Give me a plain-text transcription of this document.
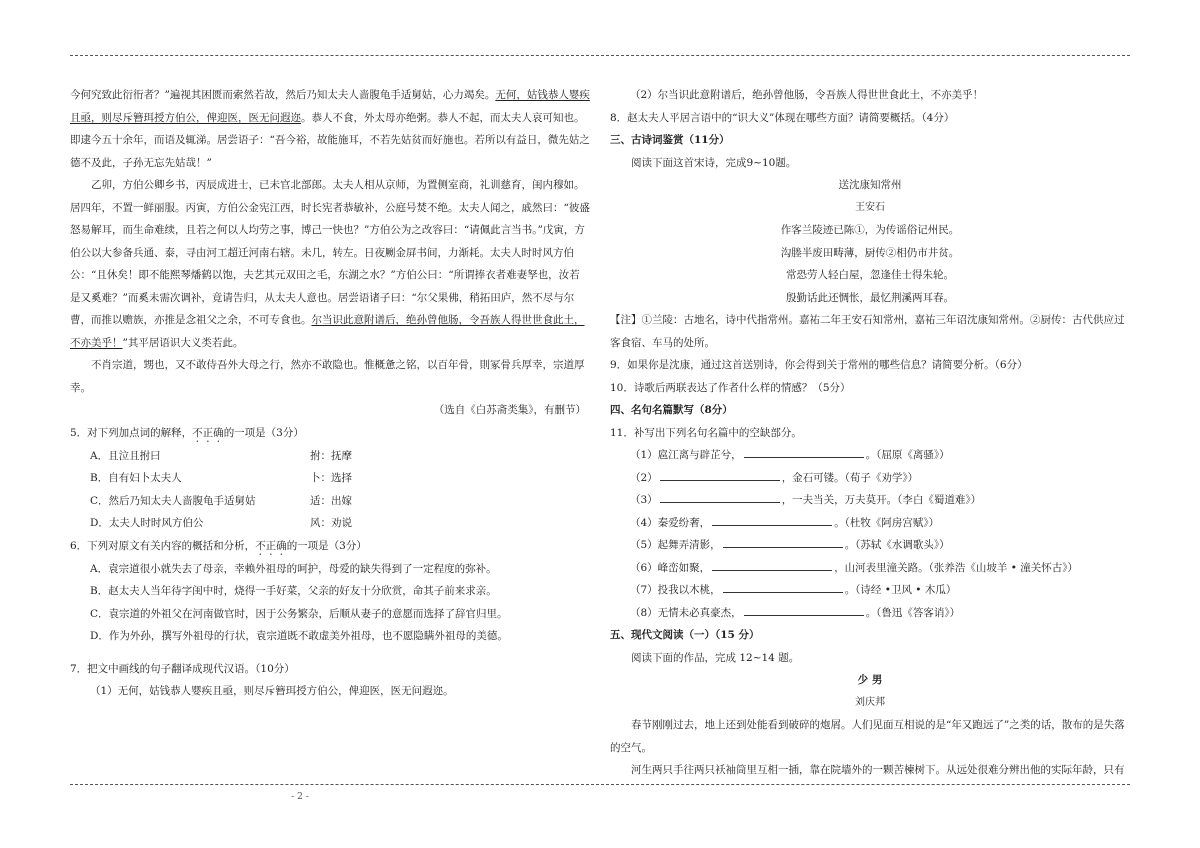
今何究致此衍衎者？”遍视其困匮而索然若故，然后乃知太夫人啬腹龟手适舅姑，心力竭矣。无何，姑钱恭人婴疾且亟，则尽斥簪珥授方伯公，俾迎医，医无问遐迩。恭人不食，外太母亦绝粥。恭人不起，而太夫人哀可知也。即逮今五十余年，而语及辄涕。居尝语子：“吾今裕，故能施耳，不若先姑贫而好施也。若所以有益日，微先姑之德不及此，子孙无忘先姑哉！”

乙卯，方伯公卿乡书，丙辰成进士，已未官北部郎。太夫人相从京师，为置侧室商，礼训慈育，闺内穆如。居四年，不置一鲜丽服。丙寅，方伯公金宪江西，时长宪者恭敏补，公庭号焚不绝。太夫人闻之，戚然曰：“彼盛怒易解耳，而生命难续，且若之何以人均劳之事，博己一快也？”方伯公为之改容曰：“请佩此言当书。”戊寅，方伯公以大参备兵通、泰，寻由河工超迁河南右辖。未几，转左。日夜劂金屏书间，力渐耗。太夫人时时风方伯公：“且休矣！即不能熙琴燔鹤以饱，夫艺其元双田之毛，东湖之水？”方伯公曰：“所谓捧衣者难妻孥也，汝若是又奚难？”而奚未需次调补，竟请告归，从太夫人意也。居尝语诸子曰：“尔父果佛，稍拓田庐，然不尽与尔曹，而推以赡族，亦推是念祖父之余，不可专食也。尔当识此意附谱后，绝孙曾他肠，令吾族人得世世食此土，不亦美乎！”其平居语识大义类若此。

不肖宗道，甥也，又不敢侍吾外大母之行，然亦不敢隐也。惟概惫之铭，以百年骨，則冢骨兵厚幸，宗道厚幸。

（选自《白苏斋类集》，有删节）

5．对下列加点词的解释，不正确的一项是（3分）

A．且泣且拊曰	拊：抚摩
B．自有妇卜太夫人	卜：选择
C．然后乃知太夫人啬腹龟手适舅姑	适：出嫁
D．太夫人时时风方伯公	风：劝说

6．下列对原文有关内容的概括和分析，不正确的一项是（3分）

A．袁宗道很小就失去了母亲，幸赖外祖母的呵护，母爱的缺失得到了一定程度的弥补。

B．赵太夫人当年待字闺中时，烧得一手好菜，父亲的好友十分欣赏，命其子前来求亲。

C．袁宗道的外祖父在河南做官时，因于公务繁杂，后顺从妻子的意愿而选择了辞官归里。

D．作为外孙，撰写外祖母的行状，袁宗道既不敢虚美外祖母，也不愿隐瞒外祖母的美德。

7．把文中画线的句子翻译成现代汉语。（10分）

（1）无何，姑钱恭人婴疾且亟，则尽斥簪珥授方伯公，俾迎医，医无问遐迩。

（2）尔当识此意附谱后，绝孙曾他肠，令吾族人得世世食此土，不亦美乎！

8．赵太夫人平居言语中的“识大义”体现在哪些方面？请简要概括。（4分）

三、古诗词鉴赏（11分）

阅读下面这首宋诗，完成9~10题。

送沈康知常州

王安石

作客兰陵迹已陈①，为传谣俗记州民。

沟塍半废田畴薄，厨传②相仍市井贫。

常恐劳人轻白屋，忽逢佳士得朱轮。

殷勤话此还惆怅，最忆荆溪两耳春。

【注】①兰陵：古地名，诗中代指常州。嘉祐二年王安石知常州，嘉祐三年诏沈康知常州。②厨传：古代供应过客食宿、车马的处所。

9．如果你是沈康，通过这首送别诗，你会得到关于常州的哪些信息？请简要分析。（6分）

10．诗歌后两联表达了作者什么样的情感？（5分）

四、名句名篇默写（8分）

11．补写出下列名句名篇中的空缺部分。

（1）扈江离与辟芷兮，	。（屈原《离骚》）

（2）	，金石可镂。（荀子《劝学》）

（3）	，一夫当关，万夫莫开。（李白《蜀道难》）

（4）秦爱纷奢，	。（杜牧《阿房宫赋》）

（5）起舞弄清影，	。（苏轼《水调歌头》）

（6）峰峦如聚，	，山河表里潼关路。（张养浩《山坡羊 • 潼关怀古》）

（7）投我以木桃，	。（诗经 •卫风 • 木瓜）

（8）无情未必真豪杰，	。（鲁迅《答客诮》）

五、现代文阅读（一）（15 分）

阅读下面的作品，完成 12~14 题。

少 男

刘庆邦

春节刚刚过去，地上还到处能看到破碎的炮屑。人们见面互相说的是“年又跑远了”之类的话，散布的是失落的空气。

河生两只手往两只袄袖筒里互相一插，靠在院墙外的一颗苦楝树下。从远处很难分辨出他的实际年龄，只有

- 2 -
